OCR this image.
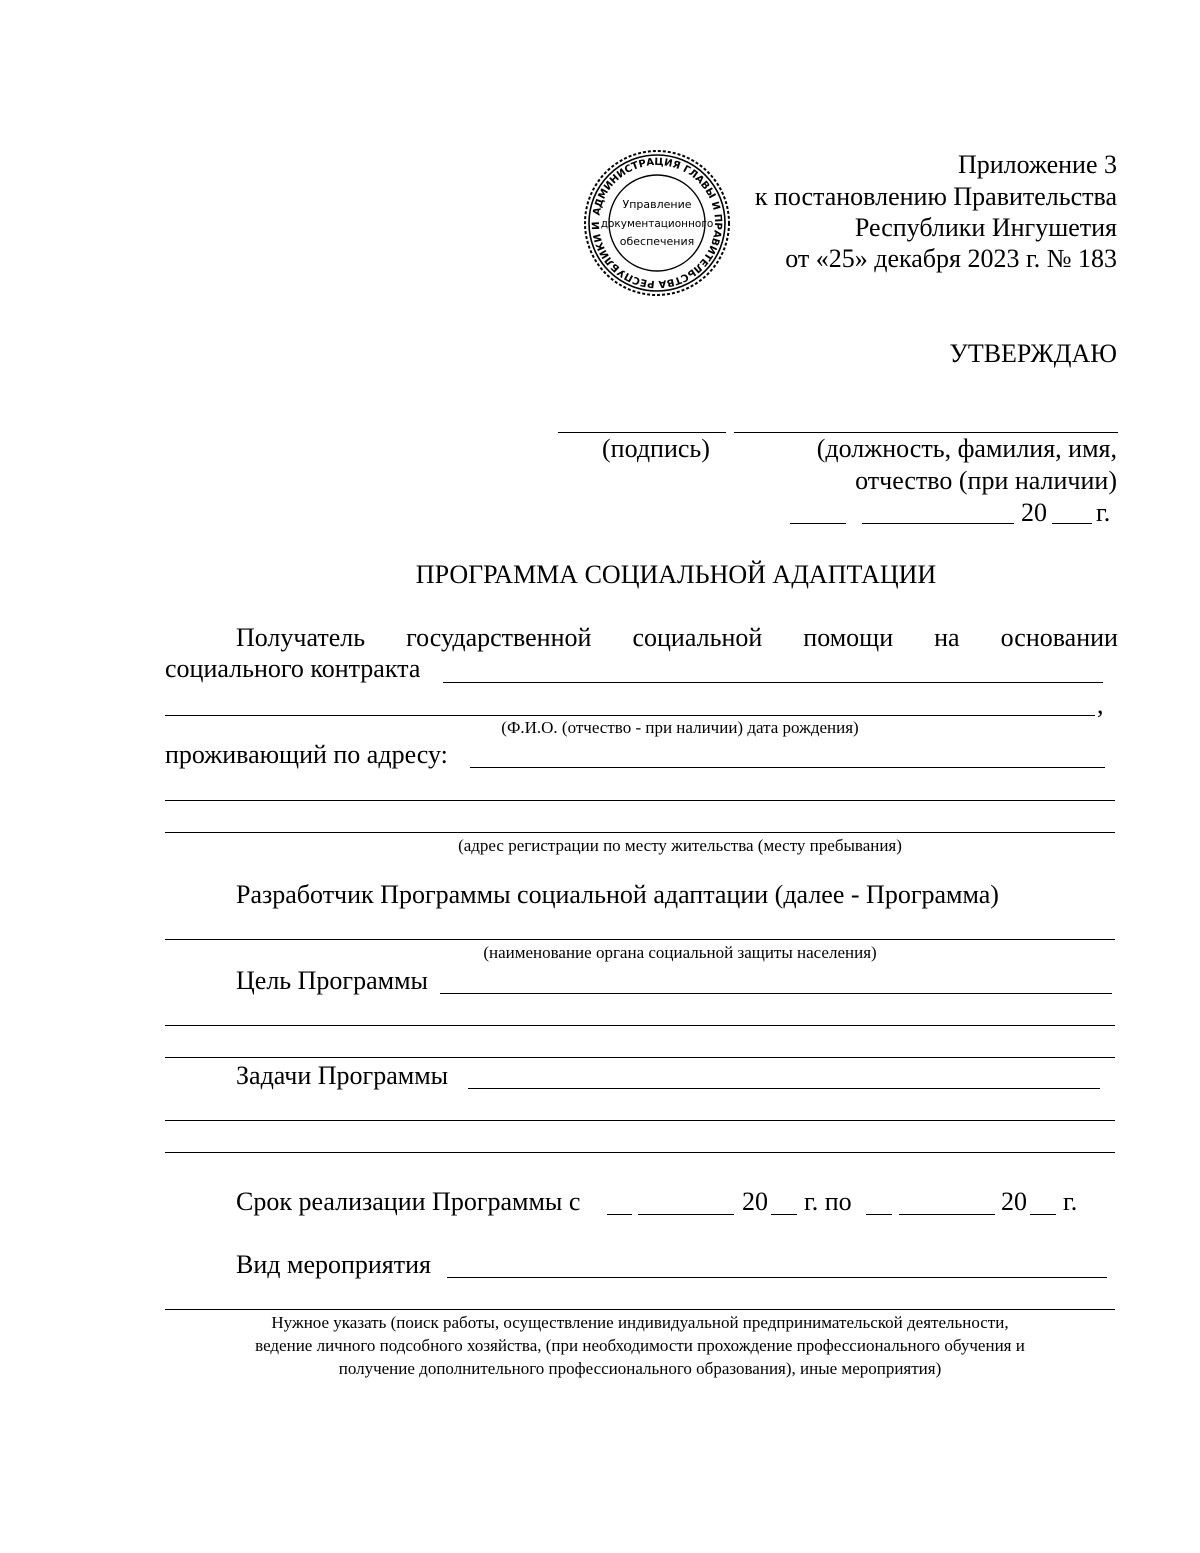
АДМИНИСТРАЦИЯ ГЛАВЫ И ПРАВИТЕЛЬСТВА РЕСПУБЛИКИ И
Управление
документационного
обеспечения
Приложение 3
к постановлению Правительства
Республики Ингушетия
от «25» декабря 2023 г. № 183
УТВЕРЖДАЮ
(подпись)	(должность, фамилия, имя,
отчество (при наличии)
20 г.
ПРОГРАММА СОЦИАЛЬНОЙ АДАПТАЦИИ
Получатель государственной социальной помощи на основании
социального контракта
,
(Ф.И.О. (отчество - при наличии) дата рождения)
проживающий по адресу:
(адрес регистрации по месту жительства (месту пребывания)
Разработчик Программы социальной адаптации (далее - Программа)
(наименование органа социальной защиты населения)
Цель Программы
Задачи Программы
Срок реализации Программы с	20 г. по	20 г.
Вид мероприятия
Нужное указать (поиск работы, осуществление индивидуальной предпринимательской деятельности,
ведение личного подсобного хозяйства, (при необходимости прохождение профессионального обучения и
получение дополнительного профессионального образования), иные мероприятия)
